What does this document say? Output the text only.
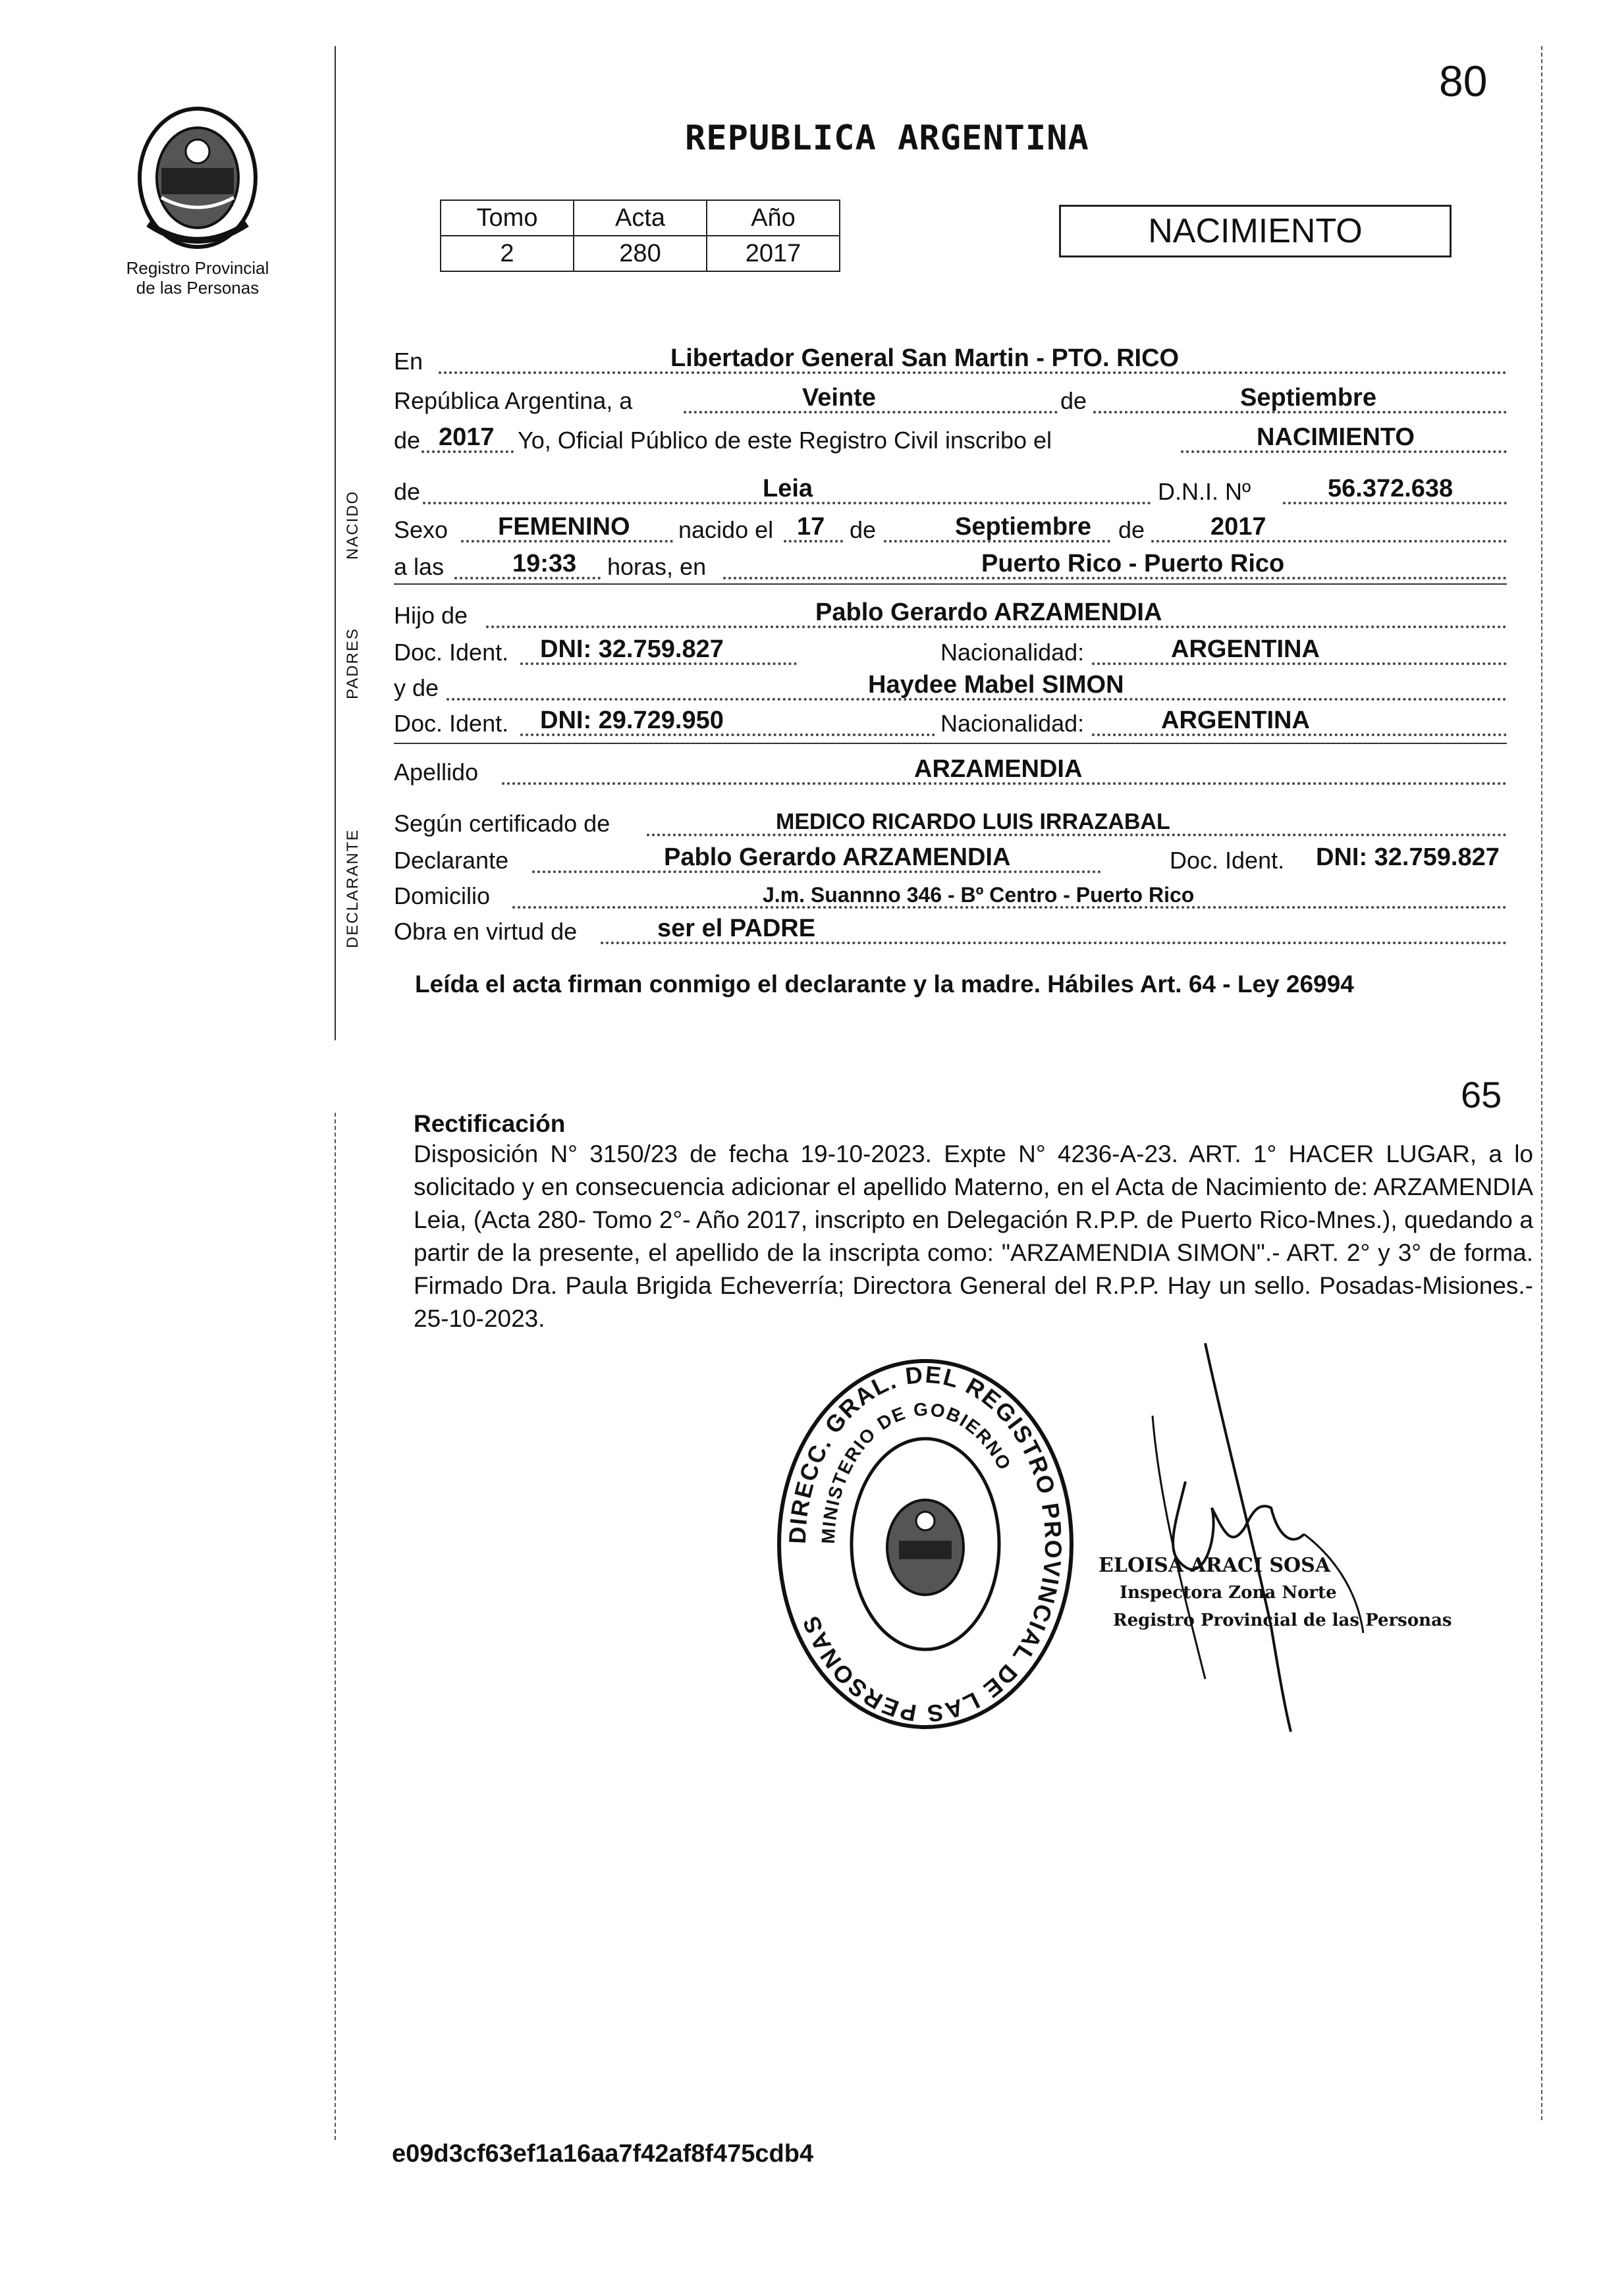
Registro Provincial
de las Personas
REPUBLICA ARGENTINA
80
Tomo	Acta	Año
2	280	2017
NACIMIENTO
En	Libertador General San Martin - PTO. RICO
República Argentina, a	Veinte	de	Septiembre
de 2017 Yo, Oficial Público de este Registro Civil inscribo el	NACIMIENTO
NACIDO de	Leia	D.N.I. Nº	56.372.638
Sexo FEMENINO nacido el 17 de	Septiembre de	2017
a las	19:33 horas, en	Puerto Rico - Puerto Rico
PADRES
Hijo de	Pablo Gerardo ARZAMENDIA
Doc. Ident. DNI: 32.759.827	Nacionalidad:	ARGENTINA
y de	Haydee Mabel SIMON
Doc. Ident. DNI: 29.729.950	Nacionalidad:	ARGENTINA
Apellido	ARZAMENDIA
DECLARANTE
Según certificado de	MEDICO RICARDO LUIS IRRAZABAL
Declarante	Pablo Gerardo ARZAMENDIA	Doc. Ident. DNI: 32.759.827
Domicilio	J.m. Suannno 346 - Bº Centro - Puerto Rico
Obra en virtud de	ser el PADRE
Leída el acta firman conmigo el declarante y la madre. Hábiles Art. 64 - Ley 26994
65
Rectificación
Disposición N° 3150/23 de fecha 19-10-2023. Expte N° 4236-A-23. ART. 1° HACER LUGAR, a lo solicitado y en consecuencia adicionar el apellido Materno, en el Acta de Nacimiento de: ARZAMENDIA Leia, (Acta 280- Tomo 2°- Año 2017, inscripto en Delegación R.P.P. de Puerto Rico-Mnes.), quedando a partir de la presente, el apellido de la inscripta como: "ARZAMENDIA SIMON".- ART. 2° y 3° de forma. Firmado Dra. Paula Brigida Echeverría; Directora General del R.P.P. Hay un sello. Posadas-Misiones.- 25-10-2023.
DIRECC. GRAL. DEL REGISTRO PROVINCIAL DE LAS PERSONAS
MINISTERIO DE GOBIERNO
ELOISA ARACI SOSA
Inspectora Zona Norte
Registro Provincial de las Personas
e09d3cf63ef1a16aa7f42af8f475cdb4
